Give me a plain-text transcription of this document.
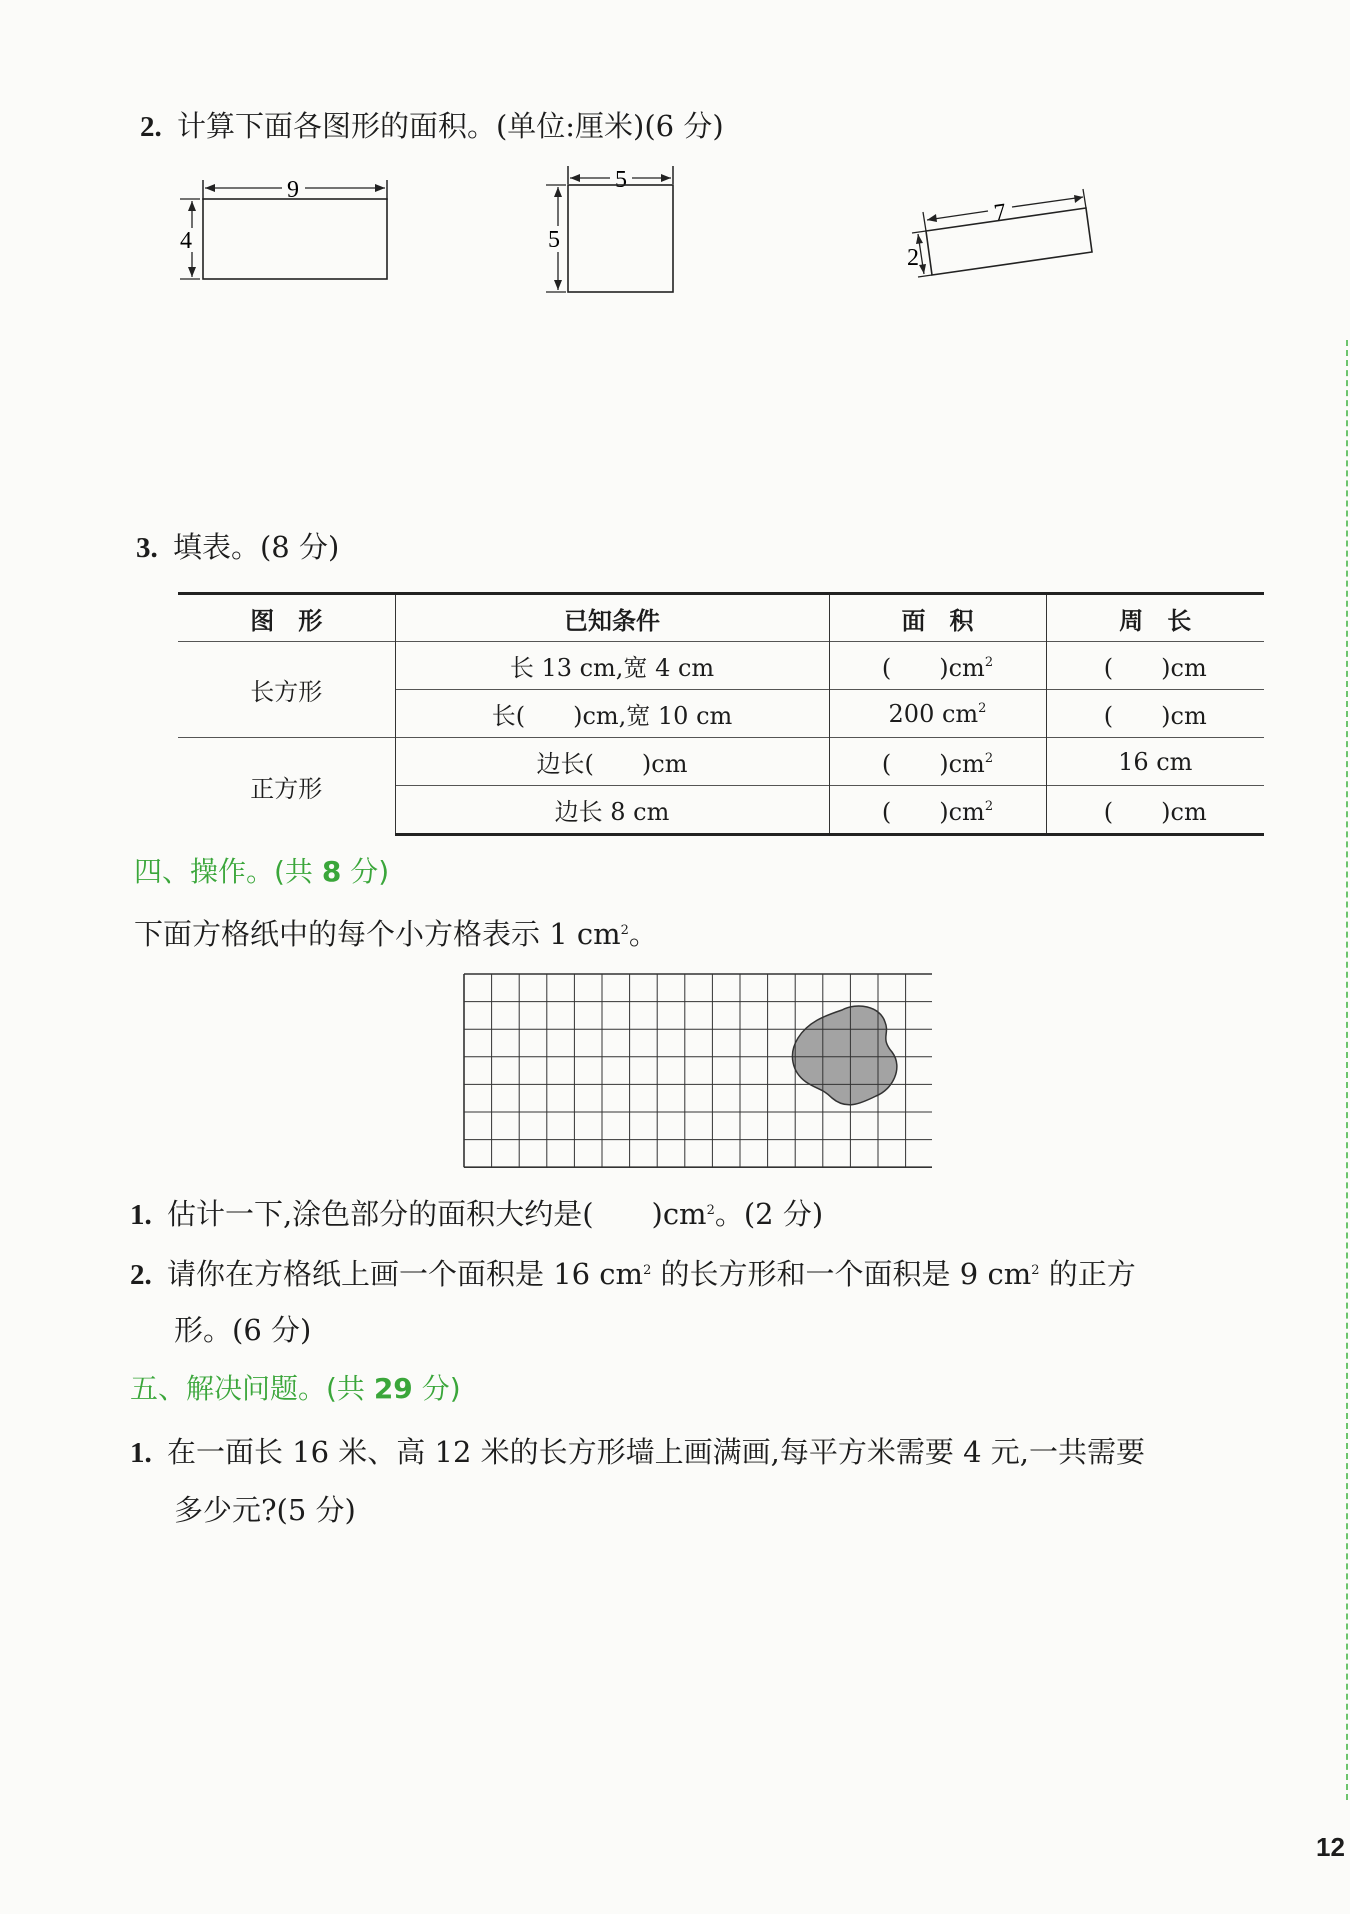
2. 计算下面各图形的面积。(单位:厘米)(6 分)
9
4
5
5
7
2
3. 填表。(8 分)
图　形	已知条件	面　积	周　长
长方形	长 13 cm,宽 4 cm	(　　)$cm^2$	(　　)cm
	长(　　)cm,宽 10 cm	200 $cm^2$	(　　)cm
正方形	边长(　　)cm	(　　)$cm^2$	16 cm
	边长 8 cm	(　　)$cm^2$	(　　)cm
四、操作。(共 8 分)
下面方格纸中的每个小方格表示 1 $cm^2$。
1. 估计一下,涂色部分的面积大约是(　　)$cm^2$。(2 分)
2. 请你在方格纸上画一个面积是 16 $cm^2$ 的长方形和一个面积是 9 $cm^2$ 的正方
形。(6 分)
五、解决问题。(共 29 分)
1. 在一面长 16 米、高 12 米的长方形墙上画满画,每平方米需要 4 元,一共需要
多少元?(5 分)
12
